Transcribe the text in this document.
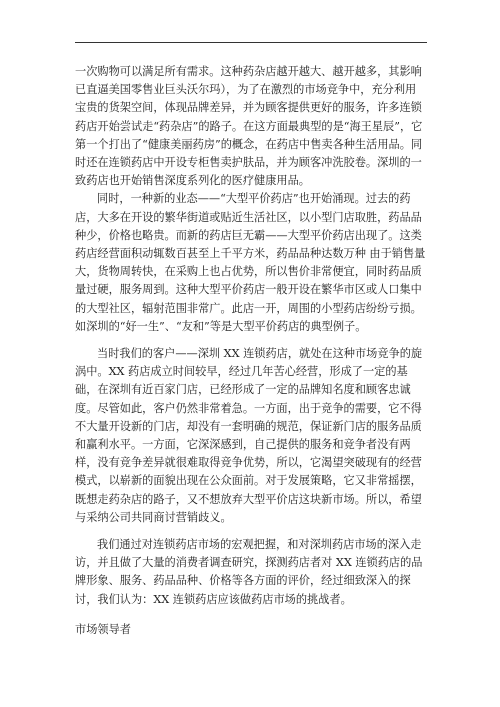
一次购物可以满足所有需求。这种药杂店越开越大、越开越多，其影响已直逼美国零售业巨头沃尔玛），为了在激烈的市场竞争中，充分利用宝贵的货架空间，体现品牌差异，并为顾客提供更好的服务，许多连锁药店开始尝试走“药杂店”的路子。在这方面最典型的是“海王星辰”，它第一个打出了“健康美丽药房”的概念，在药店中售卖各种生活用品。同时还在连锁药店中开设专柜售卖护肤品，并为顾客冲洗胶卷。深圳的一致药店也开始销售深度系列化的医疗健康用品。

同时，一种新的业态——“大型平价药店”也开始涌现。过去的药店，大多在开设的繁华街道或贴近生活社区，以小型门店取胜，药品品种少，价格也略贵。而新的药店巨无霸——大型平价药店出现了。这类药店经营面积动辄数百甚至上千平方米，药品品种达数万种 由于销售量大，货物周转快，在采购上也占优势，所以售价非常便宜，同时药品质量过硬，服务周到。这种大型平价药店一般开设在繁华市区或人口集中的大型社区，辐射范围非常广。此店一开，周围的小型药店纷纷亏损。如深圳的“好一生”、“友和”等是大型平价药店的典型例子。

当时我们的客户——深圳 XX 连锁药店，就处在这种市场竞争的旋涡中。XX 药店成立时间较早，经过几年苦心经营，形成了一定的基础，在深圳有近百家门店，已经形成了一定的品牌知名度和顾客忠诚度。尽管如此，客户仍然非常着急。一方面，出于竞争的需要，它不得不大量开设新的门店，却没有一套明确的规范，保证新门店的服务品质和赢利水平。一方面，它深深感到，自己提供的服务和竞争者没有两样，没有竞争差异就很难取得竞争优势，所以，它渴望突破现有的经营模式，以崭新的面貌出现在公众面前。对于发展策略，它又非常摇摆，既想走药杂店的路子，又不想放弃大型平价店这块新市场。所以，希望与采纳公司共同商讨营销歧义。

我们通过对连锁药店市场的宏观把握，和对深圳药店市场的深入走访，并且做了大量的消费者调查研究，探测药店者对 XX 连锁药店的品牌形象、服务、药品品种、价格等各方面的评价，经过细致深入的探讨，我们认为：XX 连锁药店应该做药店市场的挑战者。

市场领导者
